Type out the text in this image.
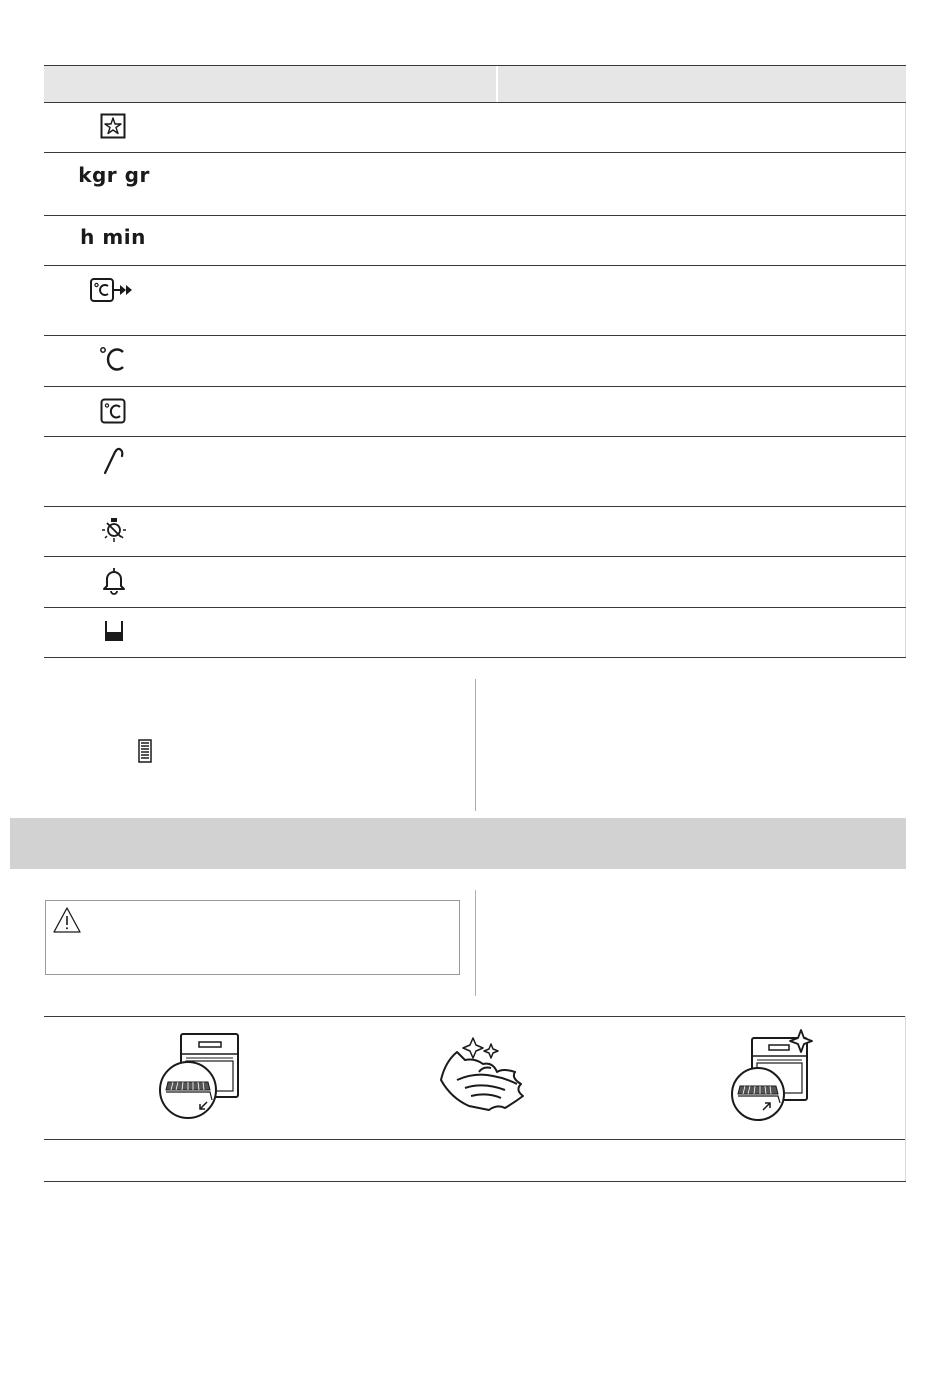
kgr gr
h min
